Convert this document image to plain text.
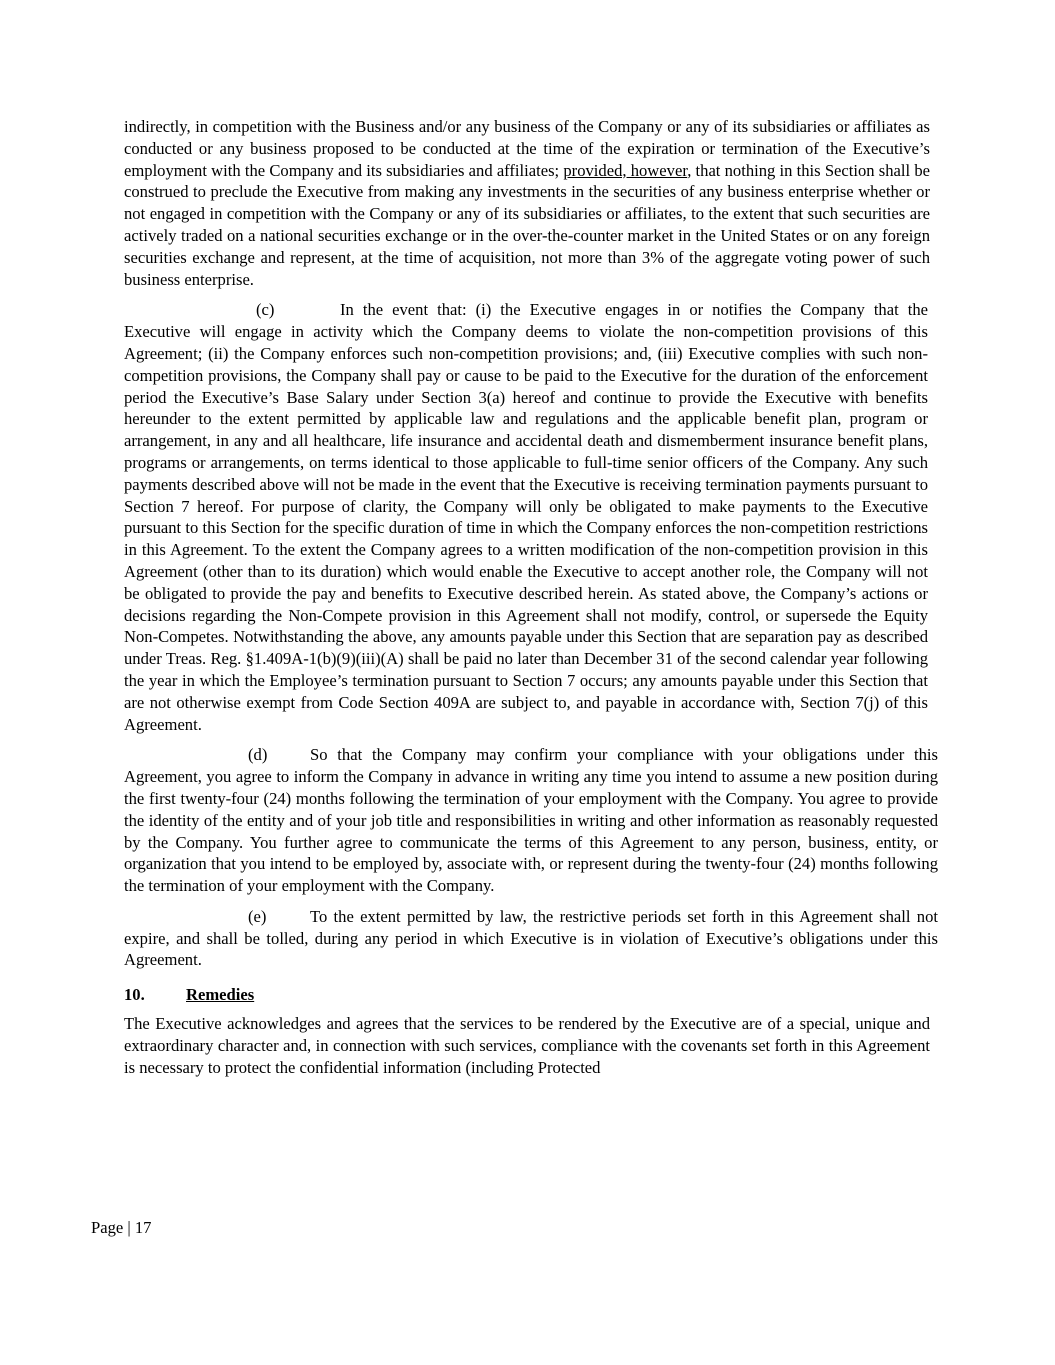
indirectly, in competition with the Business and/or any business of the Company or any of its subsidiaries or affiliates as conducted or any business proposed to be conducted at the time of the expiration or termination of the Executive’s employment with the Company and its subsidiaries and affiliates; provided, however, that nothing in this Section shall be construed to preclude the Executive from making any investments in the securities of any business enterprise whether or not engaged in competition with the Company or any of its subsidiaries or affiliates, to the extent that such securities are actively traded on a national securities exchange or in the over-the-counter market in the United States or on any foreign securities exchange and represent, at the time of acquisition, not more than 3% of the aggregate voting power of such business enterprise.

(c)	In the event that: (i) the Executive engages in or notifies the Company that the Executive will engage in activity which the Company deems to violate the non-competition provisions of this Agreement; (ii) the Company enforces such non-competition provisions; and, (iii) Executive complies with such non-competition provisions, the Company shall pay or cause to be paid to the Executive for the duration of the enforcement period the Executive’s Base Salary under Section 3(a) hereof and continue to provide the Executive with benefits hereunder to the extent permitted by applicable law and regulations and the applicable benefit plan, program or arrangement, in any and all healthcare, life insurance and accidental death and dismemberment insurance benefit plans, programs or arrangements, on terms identical to those applicable to full-time senior officers of the Company. Any such payments described above will not be made in the event that the Executive is receiving termination payments pursuant to Section 7 hereof. For purpose of clarity, the Company will only be obligated to make payments to the Executive pursuant to this Section for the specific duration of time in which the Company enforces the non-competition restrictions in this Agreement. To the extent the Company agrees to a written modification of the non-competition provision in this Agreement (other than to its duration) which would enable the Executive to accept another role, the Company will not be obligated to provide the pay and benefits to Executive described herein. As stated above, the Company’s actions or decisions regarding the Non-Compete provision in this Agreement shall not modify, control, or supersede the Equity Non-Competes. Notwithstanding the above, any amounts payable under this Section that are separation pay as described under Treas. Reg. §1.409A-1(b)(9)(iii)(A) shall be paid no later than December 31 of the second calendar year following the year in which the Employee’s termination pursuant to Section 7 occurs; any amounts payable under this Section that are not otherwise exempt from Code Section 409A are subject to, and payable in accordance with, Section 7(j) of this Agreement.

(d)	So that the Company may confirm your compliance with your obligations under this Agreement, you agree to inform the Company in advance in writing any time you intend to assume a new position during the first twenty-four (24) months following the termination of your employment with the Company. You agree to provide the identity of the entity and of your job title and responsibilities in writing and other information as reasonably requested by the Company. You further agree to communicate the terms of this Agreement to any person, business, entity, or organization that you intend to be employed by, associate with, or represent during the twenty-four (24) months following the termination of your employment with the Company.

(e)	To the extent permitted by law, the restrictive periods set forth in this Agreement shall not expire, and shall be tolled, during any period in which Executive is in violation of Executive’s obligations under this Agreement.

10. Remedies

The Executive acknowledges and agrees that the services to be rendered by the Executive are of a special, unique and extraordinary character and, in connection with such services, compliance with the covenants set forth in this Agreement is necessary to protect the confidential information (including Protected

Page | 17
